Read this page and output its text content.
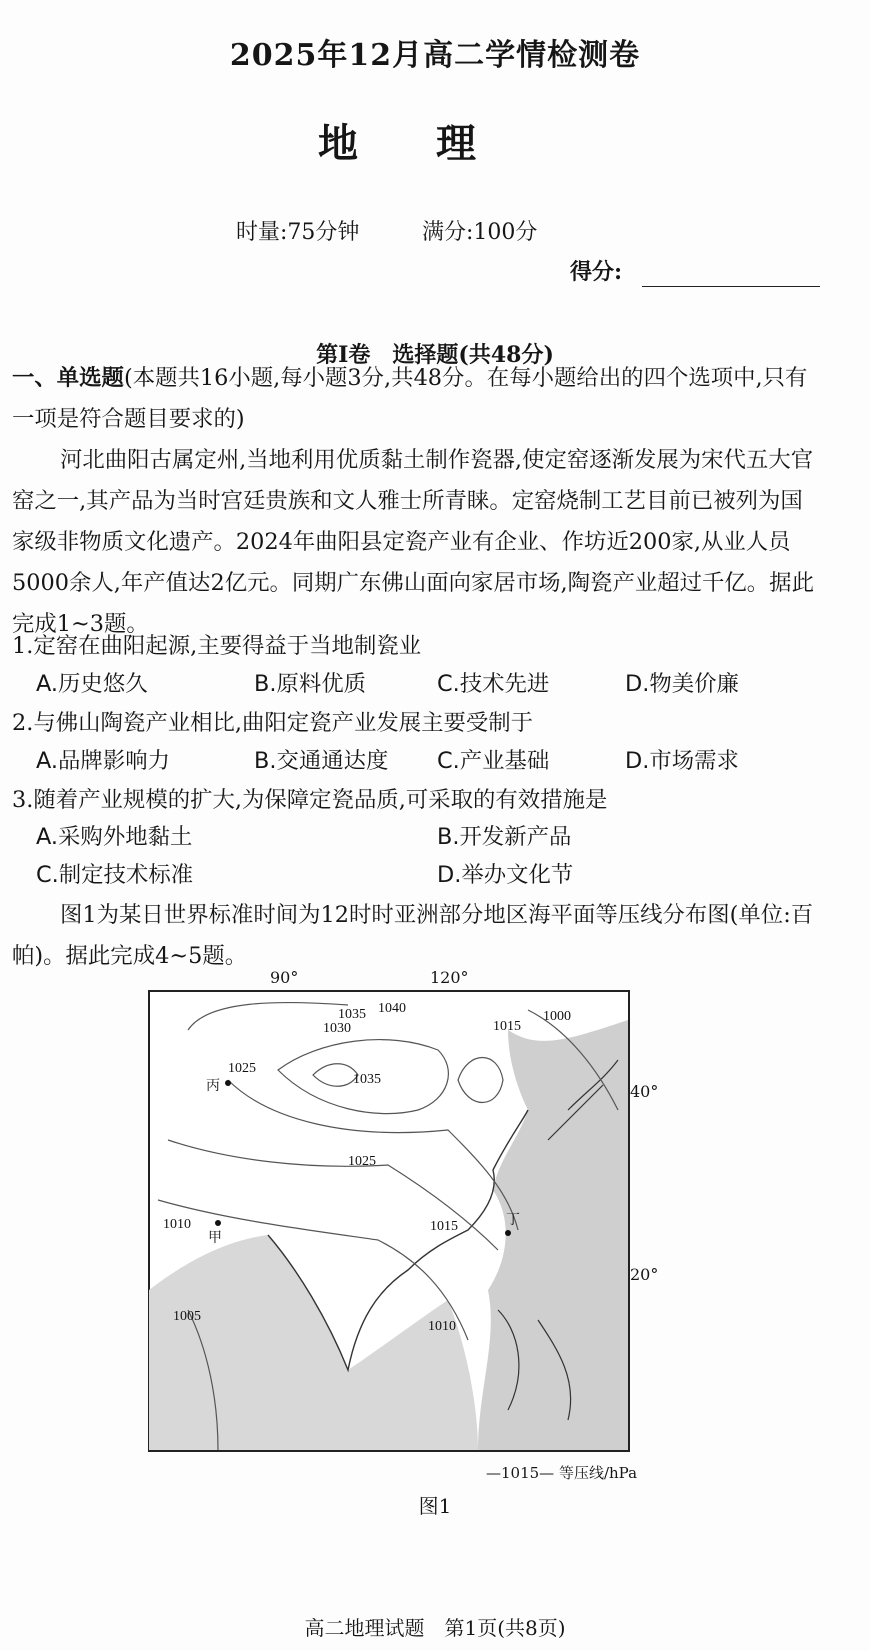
2025年12月高二学情检测卷
地理
时量:75分钟	满分:100分
得分:
第Ⅰ卷　选择题(共48分)

一、单选题(本题共16小题,每小题3分,共48分。在每小题给出的四个选项中,只有一项是符合题目要求的)

河北曲阳古属定州,当地利用优质黏土制作瓷器,使定窑逐渐发展为宋代五大官窑之一,其产品为当时宫廷贵族和文人雅士所青睐。定窑烧制工艺目前已被列为国家级非物质文化遗产。2024年曲阳县定瓷产业有企业、作坊近200家,从业人员5000余人,年产值达2亿元。同期广东佛山面向家居市场,陶瓷产业超过千亿。据此完成1~3题。

1.定窑在曲阳起源,主要得益于当地制瓷业
A.历史悠久	B.原料优质	C.技术先进	D.物美价廉
2.与佛山陶瓷产业相比,曲阳定瓷产业发展主要受制于
A.品牌影响力	B.交通通达度 C.产业基础	D.市场需求
3.随着产业规模的扩大,为保障定瓷品质,可采取的有效措施是
A.采购外地黏土	B.开发新产品
C.制定技术标准	D.举办文化节

图1为某日世界标准时间为12时时亚洲部分地区海平面等压线分布图(单位:百帕)。据此完成4~5题。

90°	120°
40°
20°
1040
1035
1030
1025
1035
1025
1015
1000
1010	1015
1010
1005
丙
甲
丁
—1015— 等压线/hPa
图1
高二地理试题　第1页(共8页)
